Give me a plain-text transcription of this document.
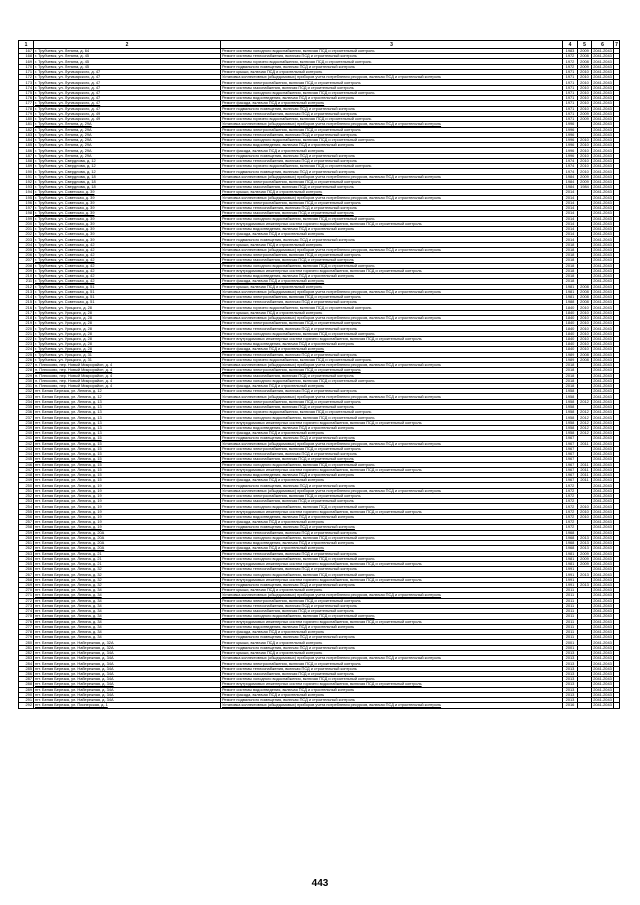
1	2	3	4	5	6	7
167	г. Трубчевск, ул. Ленина, д. 64	Ремонт системы холодного водоснабжения, включая ПСД и строительный контроль	1983	2009	2041-2043	
168	г. Трубчевск, ул. Ленина, д. 45	Ремонт системы теплоснабжения, включая ПСД и строительный контроль	1972	2008	2041-2043	
169	г. Трубчевск, ул. Ленина, д. 45	Ремонт системы горячего водоснабжения, включая ПСД и строительный контроль	1972	2008	2041-2043	
170	г. Трубчевск, ул. Ленина, д. 45	Ремонт подвального помещения, включая ПСД и строительный контроль	1972	2009	2041-2043	
171	г. Трубчевск, ул. Луначарского, д. 47	Ремонт крыши, включая ПСД и строительный контроль	1971	2010	2041-2043	
172	г. Трубчевск, ул. Луначарского, д. 47	Установка коллективных (общедомовых) приборов учета потребления ресурсов, включая ПСД и строительный контроль	1971	2010	2041-2043	
173	г. Трубчевск, ул. Луначарского, д. 47	Ремонт системы электроснабжения, включая ПСД и строительный контроль	1971	2010	2041-2043	
174	г. Трубчевск, ул. Луначарского, д. 47	Ремонт системы газоснабжения, включая ПСД и строительный контроль	1971	2010	2041-2043	
175	г. Трубчевск, ул. Луначарского, д. 47	Ремонт системы холодного водоснабжения, включая ПСД и строительный контроль	1971	2010	2041-2043	
176	г. Трубчевск, ул. Луначарского, д. 47	Ремонт системы водоотведения, включая ПСД и строительный контроль	1971	2010	2041-2043	
177	г. Трубчевск, ул. Луначарского, д. 47	Ремонт фасада, включая ПСД и строительный контроль	1971	2010	2041-2043	
178	г. Трубчевск, ул. Луначарского, д. 47	Ремонт подвального помещения, включая ПСД и строительный контроль	1971	2010	2041-2043	
179	г. Трубчевск, ул. Луначарского, д. 49	Ремонт системы теплоснабжения, включая ПСД и строительный контроль	1971	2009	2041-2043	
180	г. Трубчевск, ул. Луначарского, д. 49	Ремонт системы горячего водоснабжения, включая ПСД и строительный контроль	1971	2009	2041-2043	
181	г. Трубчевск, ул. Ленина, д. 29А	Установка коллективных (общедомовых) приборов учета потребления ресурсов, включая ПСД и строительный контроль	1996		2041-2043	
182	г. Трубчевск, ул. Ленина, д. 29А	Ремонт системы электроснабжения, включая ПСД и строительный контроль	1996		2041-2043	
183	г. Трубчевск, ул. Ленина, д. 29А	Ремонт системы теплоснабжения, включая ПСД и строительный контроль	1996		2041-2043	
184	г. Трубчевск, ул. Ленина, д. 29А	Ремонт системы холодного водоснабжения, включая ПСД и строительный контроль	1996	2010	2041-2043	
185	г. Трубчевск, ул. Ленина, д. 29А	Ремонт системы водоотведения, включая ПСД и строительный контроль	1996	2010	2041-2043	
186	г. Трубчевск, ул. Ленина, д. 29А	Ремонт фасада, включая ПСД и строительный контроль	1996	2010	2041-2043	
187	г. Трубчевск, ул. Ленина, д. 29А	Ремонт подвального помещения, включая ПСД и строительный контроль	1996	2010	2041-2043	
188	г. Трубчевск, ул. Свердлова, д. 12	Ремонт системы теплоснабжения, включая ПСД и строительный контроль	1974	2010	2041-2043	
189	г. Трубчевск, ул. Свердлова, д. 12	Ремонт системы горячего водоснабжения, включая ПСД и строительный контроль	1974	2010	2041-2043	
190	г. Трубчевск, ул. Свердлова, д. 12	Ремонт подвального помещения, включая ПСД и строительный контроль	1974	2010	2041-2043	
191	г. Трубчевск, ул. Свердлова, д. 18	Установка коллективных (общедомовых) приборов учета потребления ресурсов, включая ПСД и строительный контроль	1984	2009	2041-2043	
192	г. Трубчевск, ул. Свердлова, д. 18	Ремонт системы электроснабжения, включая ПСД и строительный контроль	1984	2009	2041-2043	
193	г. Трубчевск, ул. Свердлова, д. 18	Ремонт системы газоснабжения, включая ПСД и строительный контроль	1984	1984	2041-2043	
194	г. Трубчевск, ул. Советская, д. 39	Ремонт крыши, включая ПСД и строительный контроль	2014		2041-2043	
195	г. Трубчевск, ул. Советская, д. 39	Установка коллективных (общедомовых) приборов учета потребления ресурсов, включая ПСД и строительный контроль	2014		2041-2043	
196	г. Трубчевск, ул. Советская, д. 39	Ремонт системы электроснабжения, включая ПСД и строительный контроль	2014		2041-2043	
197	г. Трубчевск, ул. Советская, д. 39	Ремонт системы теплоснабжения, включая ПСД и строительный контроль	2014		2041-2043	
198	г. Трубчевск, ул. Советская, д. 39	Ремонт системы газоснабжения, включая ПСД и строительный контроль	2014		2041-2043	
199	г. Трубчевск, ул. Советская, д. 39	Ремонт системы холодного водоснабжения, включая ПСД и строительный контроль	2014		2041-2043	
200	г. Трубчевск, ул. Советская, д. 39	Ремонт внутридомовых инженерных систем горячего водоснабжения, включая ПСД и строительный контроль	2014		2041-2043	
201	г. Трубчевск, ул. Советская, д. 39	Ремонт системы водоотведения, включая ПСД и строительный контроль	2014		2041-2043	
202	г. Трубчевск, ул. Советская, д. 39	Ремонт фасада, включая ПСД и строительный контроль	2014		2041-2043	
203	г. Трубчевск, ул. Советская, д. 39	Ремонт подвального помещения, включая ПСД и строительный контроль	2014		2041-2043	
204	г. Трубчевск, ул. Советская, д. 42	Ремонт крыши, включая ПСД и строительный контроль	2018		2041-2043	
205	г. Трубчевск, ул. Советская, д. 42	Установка коллективных (общедомовых) приборов учета потребления ресурсов, включая ПСД и строительный контроль	2018		2041-2043	
206	г. Трубчевск, ул. Советская, д. 42	Ремонт системы электроснабжения, включая ПСД и строительный контроль	2018		2041-2043	
207	г. Трубчевск, ул. Советская, д. 42	Ремонт системы газоснабжения, включая ПСД и строительный контроль	2018		2041-2043	
208	г. Трубчевск, ул. Советская, д. 42	Ремонт системы холодного водоснабжения, включая ПСД и строительный контроль	2018		2041-2043	
209	г. Трубчевск, ул. Советская, д. 42	Ремонт внутридомовых инженерных систем горячего водоснабжения, включая ПСД и строительный контроль	2018		2041-2043	
210	г. Трубчевск, ул. Советская, д. 42	Ремонт системы водоотведения, включая ПСД и строительный контроль	2018		2041-2043	
211	г. Трубчевск, ул. Советская, д. 42	Ремонт фасада, включая ПСД и строительный контроль	2018		2041-2043	
212	г. Трубчевск, ул. Советская, д. 51	Ремонт крыши, включая ПСД и строительный контроль	1981	2008	2041-2043	
213	г. Трубчевск, ул. Советская, д. 51	Установка коллективных (общедомовых) приборов учета потребления ресурсов, включая ПСД и строительный контроль	1981	2008	2041-2043	
214	г. Трубчевск, ул. Советская, д. 51	Ремонт системы электроснабжения, включая ПСД и строительный контроль	1981	2008	2041-2043	
215	г. Трубчевск, ул. Советская, д. 51	Ремонт системы теплоснабжения, включая ПСД и строительный контроль	1988	2008	2041-2043	
216	г. Трубчевск, ул. Урицкого, д. 28	Ремонт системы горячего водоснабжения, включая ПСД и строительный контроль	1840	2010	2041-2043	
217	г. Трубчевск, ул. Урицкого, д. 28	Ремонт крыши, включая ПСД и строительный контроль	1840	2010	2041-2043	
218	г. Трубчевск, ул. Урицкого, д. 28	Установка коллективных (общедомовых) приборов учета потребления ресурсов, включая ПСД и строительный контроль	1840	2010	2041-2043	
219	г. Трубчевск, ул. Урицкого, д. 28	Ремонт системы электроснабжения, включая ПСД и строительный контроль	1840	2010	2041-2043	
220	г. Трубчевск, ул. Урицкого, д. 28	Ремонт системы теплоснабжения, включая ПСД и строительный контроль	1840	2010	2041-2043	
221	г. Трубчевск, ул. Урицкого, д. 28	Ремонт системы холодного водоснабжения, включая ПСД и строительный контроль	1840	2010	2041-2043	
222	г. Трубчевск, ул. Урицкого, д. 28	Ремонт внутридомовых инженерных систем горячего водоснабжения, включая ПСД и строительный контроль	1840	2010	2041-2043	
223	г. Трубчевск, ул. Урицкого, д. 28	Ремонт системы водоотведения, включая ПСД и строительный контроль	1840	2010	2041-2043	
224	г. Трубчевск, ул. Урицкого, д. 28	Ремонт фасада, включая ПСД и строительный контроль	1840	2010	2041-2043	
225	г. Трубчевск, ул. Урицкого, д. 31	Ремонт системы теплоснабжения, включая ПСД и строительный контроль	1989	2008	2041-2043	
226	г. Трубчевск, ул. Урицкого, д. 31	Ремонт системы горячего водоснабжения, включая ПСД и строительный контроль	1989	2008	2041-2043	
227	п. Плюсково, пер. Новый Микрорайон, д. 4	Установка коллективных (общедомовых) приборов учета потребления ресурсов, включая ПСД и строительный контроль	2018		2041-2043	
228	п. Плюсково, пер. Новый Микрорайон, д. 4	Ремонт системы электроснабжения, включая ПСД и строительный контроль	2018		2041-2043	
229	п. Плюсково, пер. Новый Микрорайон, д. 4	Ремонт системы газоснабжения, включая ПСД и строительный контроль	2018		2041-2043	
230	п. Плюсково, пер. Новый Микрорайон, д. 4	Ремонт системы холодного водоснабжения, включая ПСД и строительный контроль	2018		2041-2043	
231	п. Плюсково, пер. Новый Микрорайон, д. 4	Ремонт фасада, включая ПСД и строительный контроль	2018		2041-2043	
232	пгт. Белая Березка, ул. Ленина, д. 12	Ремонт системы теплоснабжения, включая ПСД и строительный контроль	1958		2041-2043	
233	пгт. Белая Березка, ул. Ленина, д. 12	Установка коллективных (общедомовых) приборов учета потребления ресурсов, включая ПСД и строительный контроль	1958		2041-2043	
234	пгт. Белая Березка, ул. Ленина, д. 13	Ремонт системы электроснабжения, включая ПСД и строительный контроль	1958	2012	2041-2043	
235	пгт. Белая Березка, ул. Ленина, д. 13	Ремонт системы газоснабжения, включая ПСД и строительный контроль	1958		2041-2043	
236	пгт. Белая Березка, ул. Ленина, д. 13	Ремонт системы горячего водоснабжения, включая ПСД и строительный контроль	1958	2012	2041-2043	
237	пгт. Белая Березка, ул. Ленина, д. 13	Ремонт системы холодного водоснабжения, включая ПСД и строительный контроль	1958	2012	2041-2043	
238	пгт. Белая Березка, ул. Ленина, д. 13	Ремонт внутридомовых инженерных систем горячего водоснабжения, включая ПСД и строительный контроль	1958	2012	2041-2043	
239	пгт. Белая Березка, ул. Ленина, д. 13	Ремонт системы водоотведения, включая ПСД и строительный контроль	1958	2012	2041-2043	
240	пгт. Белая Березка, ул. Ленина, д. 13	Ремонт фасада, включая ПСД и строительный контроль	1958	2012	2041-2043	
241	пгт. Белая Березка, ул. Ленина, д. 15	Ремонт подвального помещения, включая ПСД и строительный контроль	1967		2041-2043	
242	пгт. Белая Березка, ул. Ленина, д. 15	Установка коллективных (общедомовых) приборов учета потребления ресурсов, включая ПСД и строительный контроль	1967	2011	2041-2043	
243	пгт. Белая Березка, ул. Ленина, д. 15	Ремонт системы электроснабжения, включая ПСД и строительный контроль	1967		2041-2043	
244	пгт. Белая Березка, ул. Ленина, д. 15	Ремонт системы теплоснабжения, включая ПСД и строительный контроль	1967		2041-2043	
245	пгт. Белая Березка, ул. Ленина, д. 15	Ремонт системы газоснабжения, включая ПСД и строительный контроль	1967		2041-2043	
246	пгт. Белая Березка, ул. Ленина, д. 15	Ремонт системы холодного водоснабжения, включая ПСД и строительный контроль	1967	2011	2041-2043	
247	пгт. Белая Березка, ул. Ленина, д. 15	Ремонт внутридомовых инженерных систем горячего водоснабжения, включая ПСД и строительный контроль	1967	2011	2041-2043	
248	пгт. Белая Березка, ул. Ленина, д. 15	Ремонт системы водоотведения, включая ПСД и строительный контроль	1967	2011	2041-2043	
249	пгт. Белая Березка, ул. Ленина, д. 15	Ремонт фасада, включая ПСД и строительный контроль	1967	2011	2041-2043	
250	пгт. Белая Березка, ул. Ленина, д. 19	Ремонт подвального помещения, включая ПСД и строительный контроль	1972		2041-2043	
251	пгт. Белая Березка, ул. Ленина, д. 19	Установка коллективных (общедомовых) приборов учета потребления ресурсов, включая ПСД и строительный контроль	1972		2041-2043	
252	пгт. Белая Березка, ул. Ленина, д. 19	Ремонт системы электроснабжения, включая ПСД и строительный контроль	1972		2041-2043	
253	пгт. Белая Березка, ул. Ленина, д. 19	Ремонт системы газоснабжения, включая ПСД и строительный контроль	1972		2041-2043	
254	пгт. Белая Березка, ул. Ленина, д. 19	Ремонт системы холодного водоснабжения, включая ПСД и строительный контроль	1972	2010	2041-2043	
255	пгт. Белая Березка, ул. Ленина, д. 19	Ремонт внутридомовых инженерных систем горячего водоснабжения, включая ПСД и строительный контроль	1972	2010	2041-2043	
256	пгт. Белая Березка, ул. Ленина, д. 19	Ремонт системы водоотведения, включая ПСД и строительный контроль	1972	2010	2041-2043	
257	пгт. Белая Березка, ул. Ленина, д. 19	Ремонт фасада, включая ПСД и строительный контроль	1972		2041-2043	
258	пгт. Белая Березка, ул. Ленина, д. 19	Ремонт подвального помещения, включая ПСД и строительный контроль	1972		2041-2043	
259	пгт. Белая Березка, ул. Ленина, д. 20А	Ремонт системы теплоснабжения, включая ПСД и строительный контроль	1968		2041-2043	
260	пгт. Белая Березка, ул. Ленина, д. 20А	Ремонт системы холодного водоснабжения, включая ПСД и строительный контроль	1968	2013	2041-2043	
261	пгт. Белая Березка, ул. Ленина, д. 20А	Ремонт системы водоотведения, включая ПСД и строительный контроль	1968	2013	2041-2043	
262	пгт. Белая Березка, ул. Ленина, д. 20А	Ремонт фасада, включая ПСД и строительный контроль	1968	2013	2041-2043	
263	пгт. Белая Березка, ул. Ленина, д. 21	Ремонт системы теплоснабжения, включая ПСД и строительный контроль	1981	2009	2041-2043	
264	пгт. Белая Березка, ул. Ленина, д. 21	Ремонт системы холодного водоснабжения, включая ПСД и строительный контроль	1981	2009	2041-2043	
265	пгт. Белая Березка, ул. Ленина, д. 21	Ремонт внутридомовых инженерных систем горячего водоснабжения, включая ПСД и строительный контроль	1981	2009	2041-2043	
266	пгт. Белая Березка, ул. Ленина, д. 32	Ремонт системы теплоснабжения, включая ПСД и строительный контроль	1991		2041-2043	
267	пгт. Белая Березка, ул. Ленина, д. 32	Ремонт системы холодного водоснабжения, включая ПСД и строительный контроль	1991	2013	2041-2043	
268	пгт. Белая Березка, ул. Ленина, д. 32	Ремонт внутридомовых инженерных систем горячего водоснабжения, включая ПСД и строительный контроль	1991		2041-2043	
269	пгт. Белая Березка, ул. Ленина, д. 32	Ремонт подвального помещения, включая ПСД и строительный контроль	1991	2013	2041-2043	
270	пгт. Белая Березка, ул. Ленина, д. 34	Ремонт крыши, включая ПСД и строительный контроль	2011		2041-2043	
271	пгт. Белая Березка, ул. Ленина, д. 34	Установка коллективных (общедомовых) приборов учета потребления ресурсов, включая ПСД и строительный контроль	2011		2041-2043	
272	пгт. Белая Березка, ул. Ленина, д. 34	Ремонт системы электроснабжения, включая ПСД и строительный контроль	2011		2041-2043	
273	пгт. Белая Березка, ул. Ленина, д. 34	Ремонт системы теплоснабжения, включая ПСД и строительный контроль	2011		2041-2043	
274	пгт. Белая Березка, ул. Ленина, д. 34	Ремонт системы газоснабжения, включая ПСД и строительный контроль	2011		2041-2043	
275	пгт. Белая Березка, ул. Ленина, д. 34	Ремонт системы холодного водоснабжения, включая ПСД и строительный контроль	2011		2041-2043	
276	пгт. Белая Березка, ул. Ленина, д. 34	Ремонт внутридомовых инженерных систем горячего водоснабжения, включая ПСД и строительный контроль	2011		2041-2043	
277	пгт. Белая Березка, ул. Ленина, д. 34	Ремонт системы водоотведения, включая ПСД и строительный контроль	2011		2041-2043	
278	пгт. Белая Березка, ул. Ленина, д. 34	Ремонт фасада, включая ПСД и строительный контроль	2011		2041-2043	
279	пгт. Белая Березка, ул. Ленина, д. 34	Ремонт подвального помещения, включая ПСД и строительный контроль	2011		2041-2043	
280	пгт. Белая Березка, ул. Набережная, д. 32А	Ремонт крыши, включая ПСД и строительный контроль	2001		2041-2043	
281	пгт. Белая Березка, ул. Набережная, д. 32А	Ремонт подвального помещения, включая ПСД и строительный контроль	2001		2041-2043	
282	пгт. Белая Березка, ул. Набережная, д. 34А	Ремонт крыши, включая ПСД и строительный контроль	2013		2041-2043	
283	пгт. Белая Березка, ул. Набережная, д. 34А	Установка коллективных (общедомовых) приборов учета потребления ресурсов, включая ПСД и строительный контроль	2013		2041-2043	
284	пгт. Белая Березка, ул. Набережная, д. 34А	Ремонт системы электроснабжения, включая ПСД и строительный контроль	2013		2041-2043	
285	пгт. Белая Березка, ул. Набережная, д. 34А	Ремонт системы теплоснабжения, включая ПСД и строительный контроль	2013		2041-2043	
286	пгт. Белая Березка, ул. Набережная, д. 34А	Ремонт системы газоснабжения, включая ПСД и строительный контроль	2013		2041-2043	
287	пгт. Белая Березка, ул. Набережная, д. 34А	Ремонт системы холодного водоснабжения, включая ПСД и строительный контроль	2013		2041-2043	
288	пгт. Белая Березка, ул. Набережная, д. 34А	Ремонт внутридомовых инженерных систем горячего водоснабжения, включая ПСД и строительный контроль	2013		2041-2043	
289	пгт. Белая Березка, ул. Набережная, д. 34А	Ремонт системы водоотведения, включая ПСД и строительный контроль	2013		2041-2043	
290	пгт. Белая Березка, ул. Набережная, д. 34А	Ремонт фасада, включая ПСД и строительный контроль	2013		2041-2043	
291	пгт. Белая Березка, ул. Набережная, д. 34А	Ремонт подвального помещения, включая ПСД и строительный контроль	2013		2041-2043	
292	пгт. Белая Березка, ул. Пионерская, д. 1	Установка коллективных (общедомовых) приборов учета потребления ресурсов, включая ПСД и строительный контроль	2016		2041-2043	
443
